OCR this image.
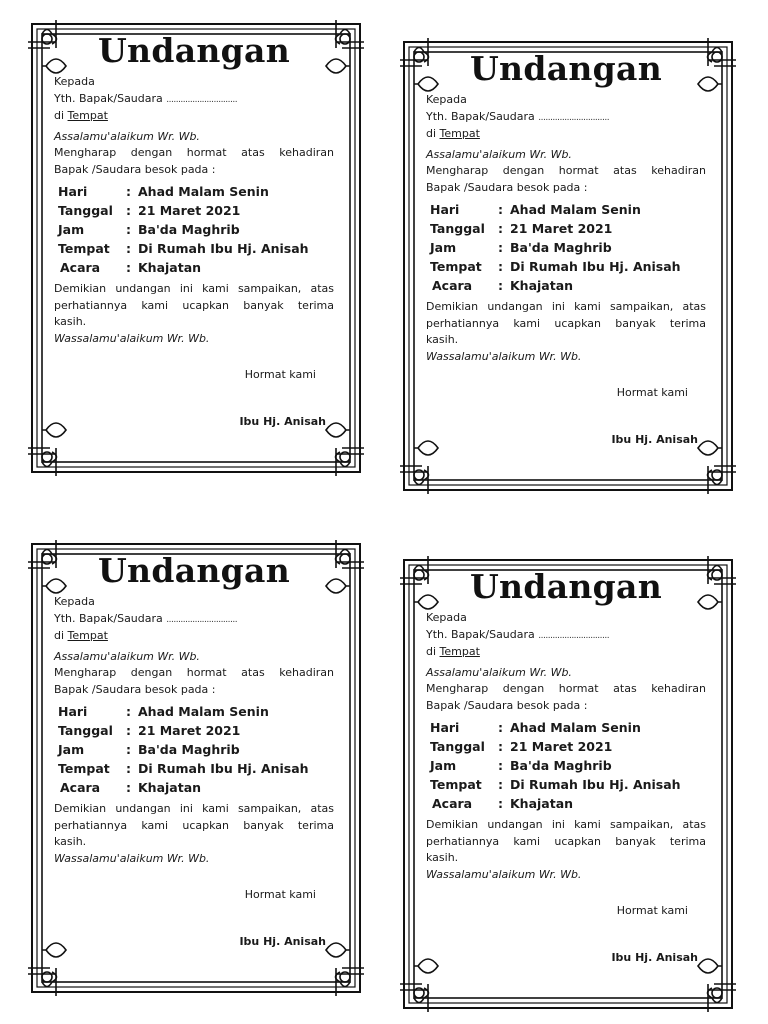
Undangan
Kepada
Yth. Bapak/Saudara ..............................
di Tempat
Assalamu'alaikum Wr. Wb.
Mengharap dengan hormat atas kehadiran
Bapak /Saudara besok pada :
Hari	: Ahad Malam Senin
Tanggal	: 21 Maret 2021
Jam	: Ba'da Maghrib
Tempat	: Di Rumah Ibu Hj. Anisah
Acara	: Khajatan
Demikian undangan ini kami sampaikan, atas
perhatiannya kami ucapkan banyak terima
kasih.
Wassalamu'alaikum Wr. Wb.
Hormat kami
Ibu Hj. Anisah
Undangan
Kepada
Yth. Bapak/Saudara ..............................
di Tempat
Assalamu'alaikum Wr. Wb.
Mengharap dengan hormat atas kehadiran
Bapak /Saudara besok pada :
Hari	: Ahad Malam Senin
Tanggal	: 21 Maret 2021
Jam	: Ba'da Maghrib
Tempat	: Di Rumah Ibu Hj. Anisah
Acara	: Khajatan
Demikian undangan ini kami sampaikan, atas
perhatiannya kami ucapkan banyak terima
kasih.
Wassalamu'alaikum Wr. Wb.
Hormat kami
Ibu Hj. Anisah
Undangan
Kepada
Yth. Bapak/Saudara ..............................
di Tempat
Assalamu'alaikum Wr. Wb.
Mengharap dengan hormat atas kehadiran
Bapak /Saudara besok pada :
Hari	: Ahad Malam Senin
Tanggal	: 21 Maret 2021
Jam	: Ba'da Maghrib
Tempat	: Di Rumah Ibu Hj. Anisah
Acara	: Khajatan
Demikian undangan ini kami sampaikan, atas
perhatiannya kami ucapkan banyak terima
kasih.
Wassalamu'alaikum Wr. Wb.
Hormat kami
Ibu Hj. Anisah
Undangan
Kepada
Yth. Bapak/Saudara ..............................
di Tempat
Assalamu'alaikum Wr. Wb.
Mengharap dengan hormat atas kehadiran
Bapak /Saudara besok pada :
Hari	: Ahad Malam Senin
Tanggal	: 21 Maret 2021
Jam	: Ba'da Maghrib
Tempat	: Di Rumah Ibu Hj. Anisah
Acara	: Khajatan
Demikian undangan ini kami sampaikan, atas
perhatiannya kami ucapkan banyak terima
kasih.
Wassalamu'alaikum Wr. Wb.
Hormat kami
Ibu Hj. Anisah
